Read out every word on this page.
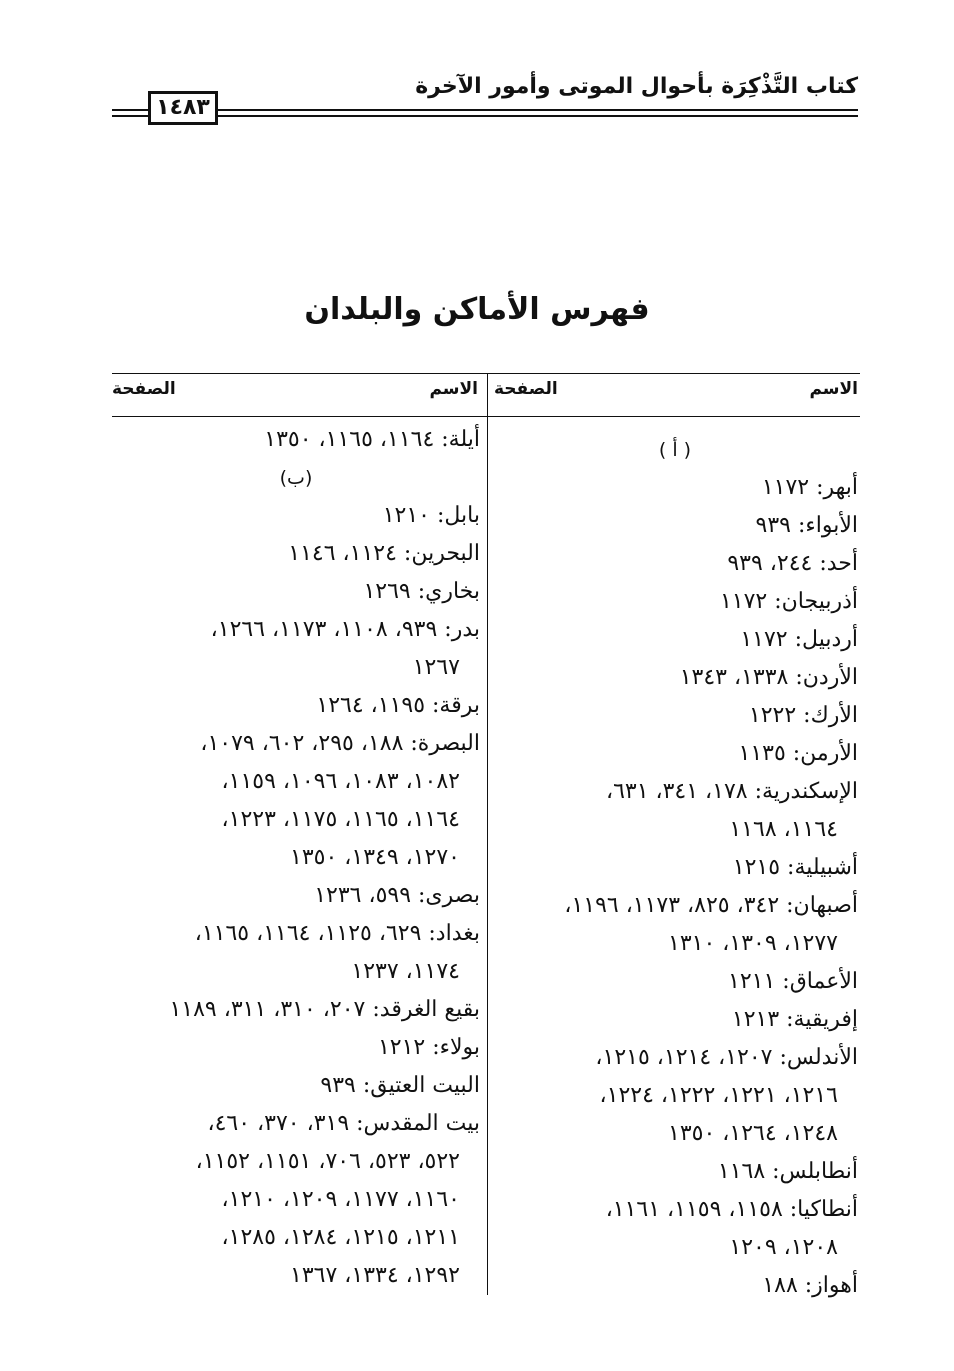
كتاب التَّذْكِرَة بأحوال الموتى وأمور الآخرة
١٤٨٣
فهرس الأماكن والبلدان
الاسم
الصفحة
الاسم
الصفحة
( أ )
أبهر: ١١٧٢
الأبواء: ٩٣٩
أحد: ٢٤٤، ٩٣٩
أذربيجان: ١١٧٢
أردبيل: ١١٧٢
الأردن: ١٣٣٨، ١٣٤٣
الأرك: ١٢٢٢
الأرمن: ١١٣٥
الإسكندرية: ١٧٨، ٣٤١، ٦٣١،
١١٦٤، ١١٦٨
أشبيلية: ١٢١٥
أصبهان: ٣٤٢، ٨٢٥، ١١٧٣، ١١٩٦،
١٢٧٧، ١٣٠٩، ١٣١٠
الأعماق: ١٢١١
إفريقية: ١٢١٣
الأندلس: ١٢٠٧، ١٢١٤، ١٢١٥،
١٢١٦، ١٢٢١، ١٢٢٢، ١٢٢٤،
١٢٤٨، ١٢٦٤، ١٣٥٠
أنطابلس: ١١٦٨
أنطاكيا: ١١٥٨، ١١٥٩، ١١٦١،
١٢٠٨، ١٢٠٩
أهواز: ١٨٨
أيلة: ١١٦٤، ١١٦٥، ١٣٥٠
(ب)
بابل: ١٢١٠
البحرين: ١١٢٤، ١١٤٦
بخاري: ١٢٦٩
بدر: ٩٣٩، ١١٠٨، ١١٧٣، ١٢٦٦،
١٢٦٧
برقة: ١١٩٥، ١٢٦٤
البصرة: ١٨٨، ٢٩٥، ٦٠٢، ١٠٧٩،
١٠٨٢، ١٠٨٣، ١٠٩٦، ١١٥٩،
١١٦٤، ١١٦٥، ١١٧٥، ١٢٢٣،
١٢٧٠، ١٣٤٩، ١٣٥٠
بصرى: ٥٩٩، ١٢٣٦
بغداد: ٦٢٩، ١١٢٥، ١١٦٤، ١١٦٥،
١١٧٤، ١٢٣٧
بقيع الغرقد: ٢٠٧، ٣١٠، ٣١١، ١١٨٩
بولاء: ١٢١٢
البيت العتيق: ٩٣٩
بيت المقدس: ٣١٩، ٣٧٠، ٤٦٠،
٥٢٢، ٥٢٣، ٧٠٦، ١١٥١، ١١٥٢،
١١٦٠، ١١٧٧، ١٢٠٩، ١٢١٠،
١٢١١، ١٢١٥، ١٢٨٤، ١٢٨٥،
١٢٩٢، ١٣٣٤، ١٣٦٧
